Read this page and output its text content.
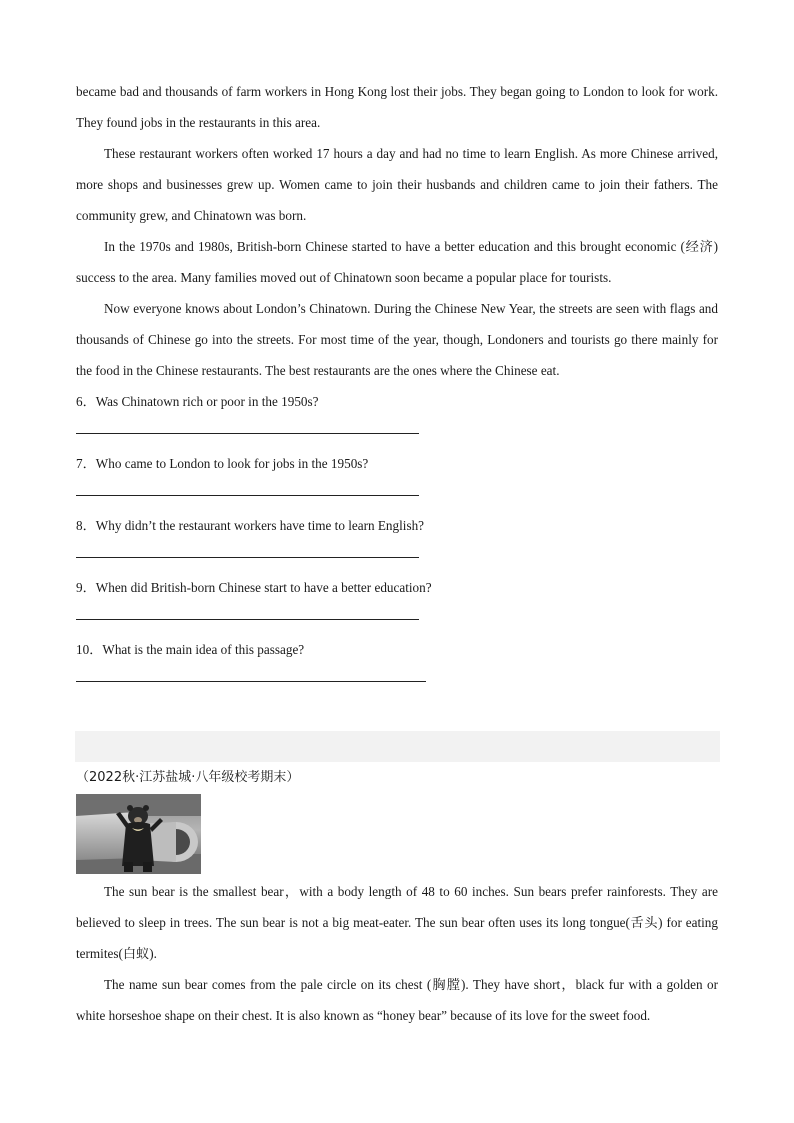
became bad and thousands of farm workers in Hong Kong lost their jobs. They began going to London to look for work. They found jobs in the restaurants in this area.

These restaurant workers often worked 17 hours a day and had no time to learn English. As more Chinese arrived, more shops and businesses grew up. Women came to join their husbands and children came to join their fathers. The community grew, and Chinatown was born.

In the 1970s and 1980s, British-born Chinese started to have a better education and this brought economic (经济) success to the area. Many families moved out of Chinatown soon became a popular place for tourists.

Now everyone knows about London’s Chinatown. During the Chinese New Year, the streets are seen with flags and thousands of Chinese go into the streets. For most time of the year, though, Londoners and tourists go there mainly for the food in the Chinese restaurants. The best restaurants are the ones where the Chinese eat.

6．Was Chinatown rich or poor in the 1950s?
7．Who came to London to look for jobs in the 1950s?
8．Why didn’t the restaurant workers have time to learn English?
9．When did British-born Chinese start to have a better education?
10．What is the main idea of this passage?
（2022秋·江苏盐城·八年级校考期末）

The sun bear is the smallest bear，with a body length of 48 to 60 inches. Sun bears prefer rainforests. They are believed to sleep in trees. The sun bear is not a big meat-eater. The sun bear often uses its long tongue(舌头) for eating termites(白蚁).

The name sun bear comes from the pale circle on its chest (胸膛). They have short，black fur with a golden or white horseshoe shape on their chest. It is also known as “honey bear” because of its love for the sweet food.
